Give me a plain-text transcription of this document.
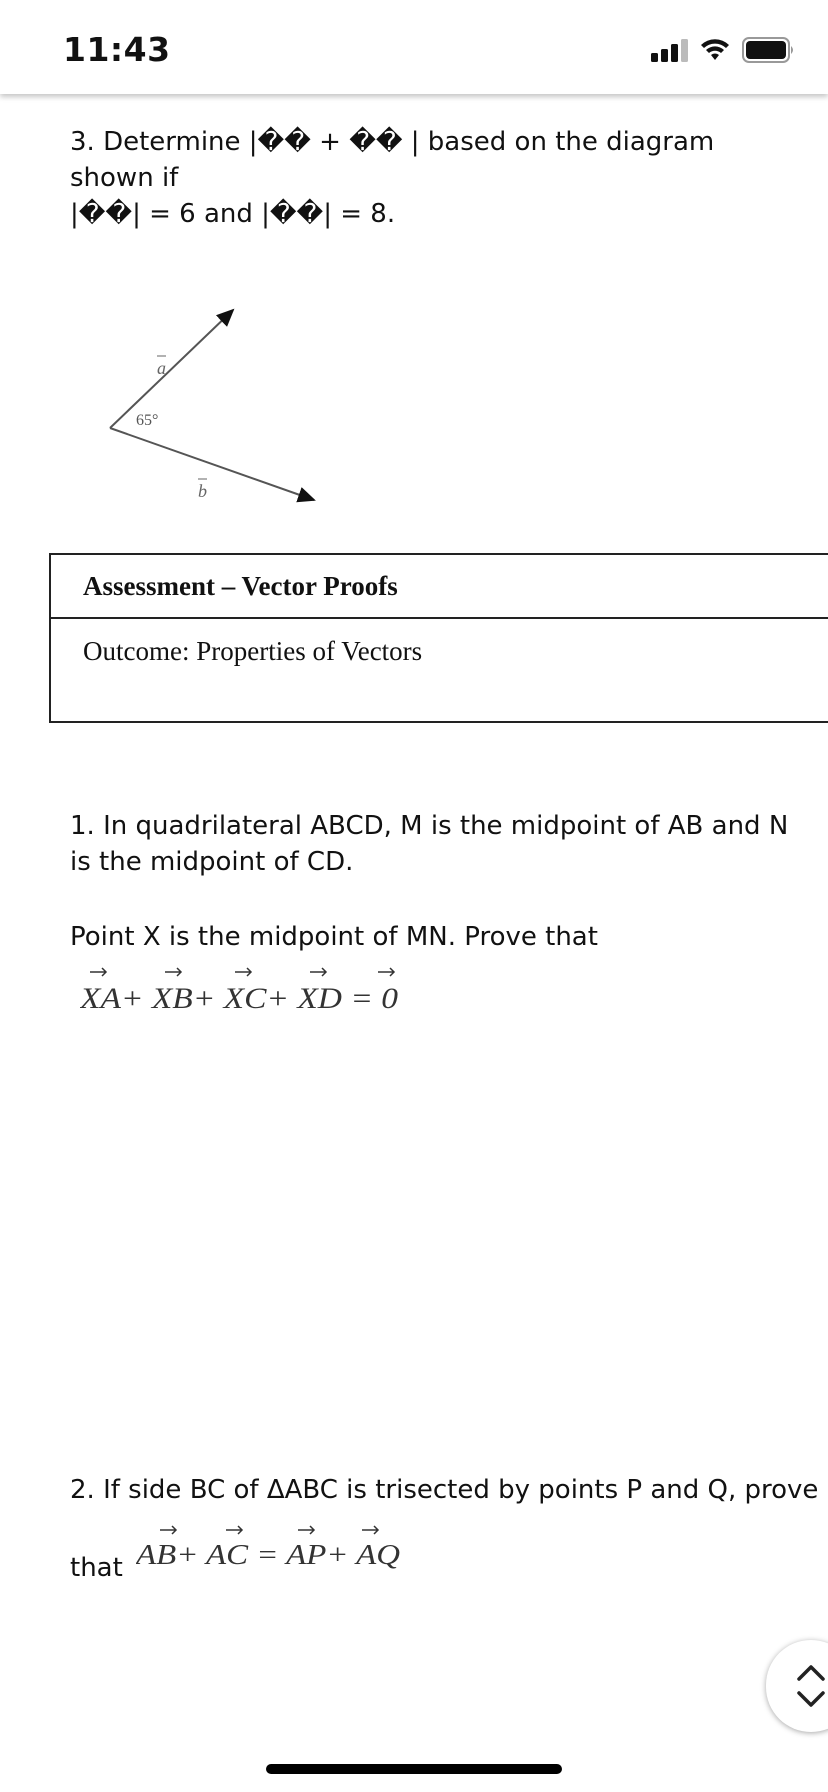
11:43
3. Determine |�� + �� | based on the diagram shown if
|��| = 6 and |��| = 8.
a
65°
b
Assessment – Vector Proofs
Outcome: Properties of Vectors
1. In quadrilateral ABCD, M is the midpoint of AB and N is the midpoint of CD.
Point X is the midpoint of MN. Prove that
XA+ XB+ XC+ XD = 0
2. If side BC of ΔABC is trisected by points P and Q, prove
that AB+ AC = AP+ AQ
